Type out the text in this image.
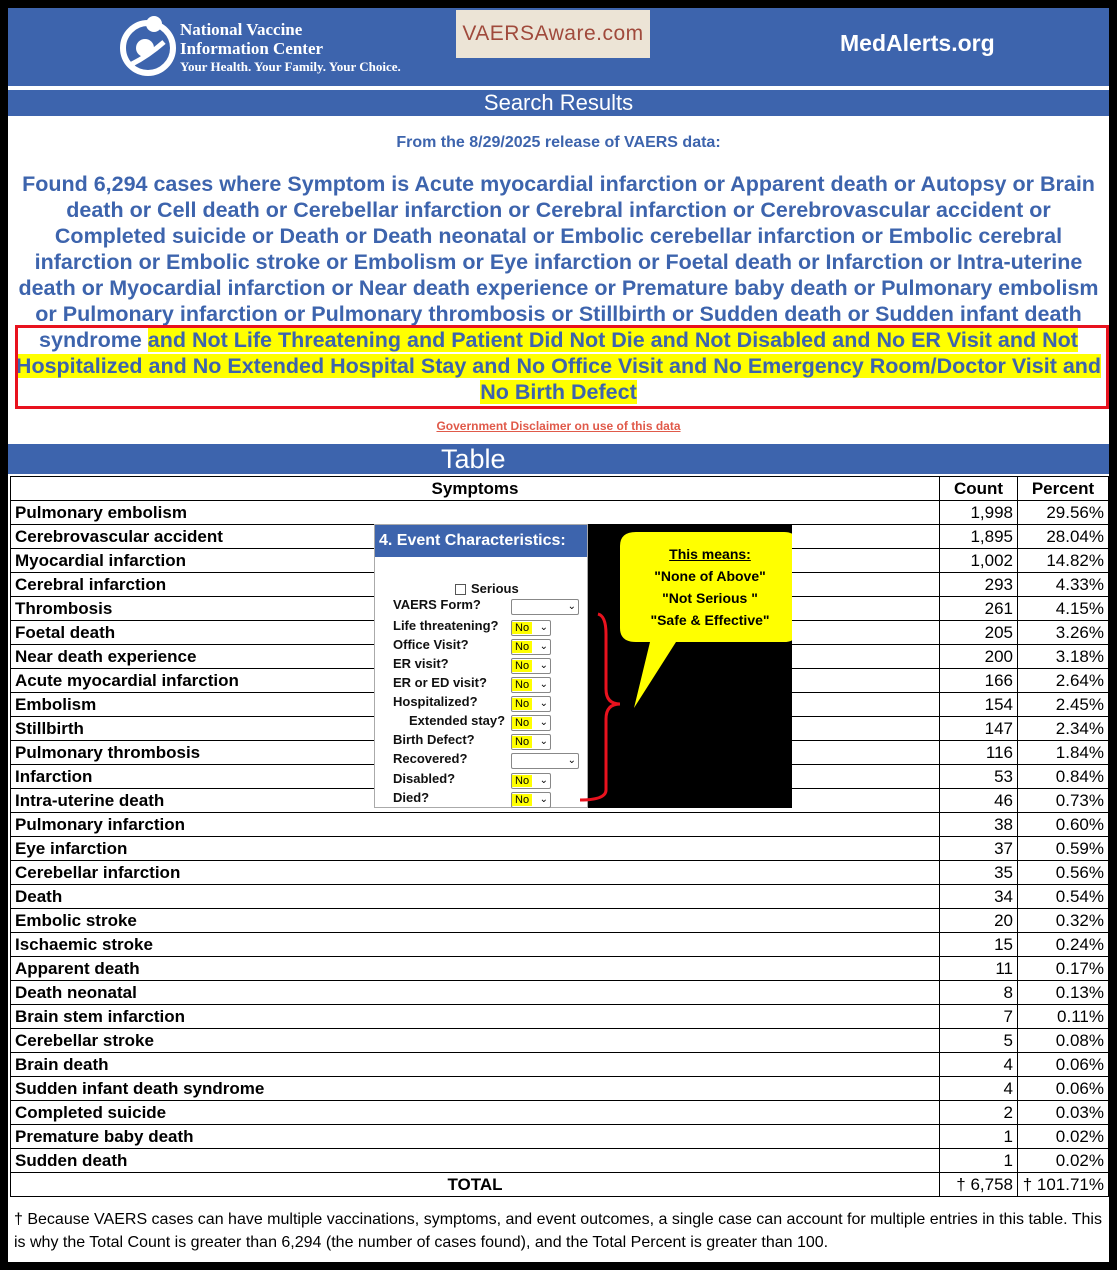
National Vaccine
Information Center
Your Health. Your Family. Your Choice.
VAERSAware.com	MedAlerts.org
Search Results
From the 8/29/2025 release of VAERS data:
Found 6,294 cases where Symptom is Acute myocardial infarction or Apparent death or Autopsy or Brain death or Cell death or Cerebellar infarction or Cerebral infarction or Cerebrovascular accident or Completed suicide or Death or Death neonatal or Embolic cerebellar infarction or Embolic cerebral infarction or Embolic stroke or Embolism or Eye infarction or Foetal death or Infarction or Intra-uterine death or Myocardial infarction or Near death experience or Premature baby death or Pulmonary embolism or Pulmonary infarction or Pulmonary thrombosis or Stillbirth or Sudden death or Sudden infant death syndrome and Not Life Threatening and Patient Did Not Die and Not Disabled and No ER Visit and Not Hospitalized and No Extended Hospital Stay and No Office Visit and No Emergency Room/Doctor Visit and No Birth Defect
Government Disclaimer on use of this data
Table
Symptoms	Count	Percent
Pulmonary embolism	1,998	29.56%
Cerebrovascular accident	1,895	28.04%
Myocardial infarction	1,002	14.82%
Cerebral infarction	293	4.33%
Thrombosis	261	4.15%
Foetal death	205	3.26%
Near death experience	200	3.18%
Acute myocardial infarction	166	2.64%
Embolism	154	2.45%
Stillbirth	147	2.34%
Pulmonary thrombosis	116	1.84%
Infarction	53	0.84%
Intra-uterine death	46	0.73%
Pulmonary infarction	38	0.60%
Eye infarction	37	0.59%
Cerebellar infarction	35	0.56%
Death	34	0.54%
Embolic stroke	20	0.32%
Ischaemic stroke	15	0.24%
Apparent death	11	0.17%
Death neonatal	8	0.13%
Brain stem infarction	7	0.11%
Cerebellar stroke	5	0.08%
Brain death	4	0.06%
Sudden infant death syndrome	4	0.06%
Completed suicide	2	0.03%
Premature baby death	1	0.02%
Sudden death	1	0.02%
TOTAL	† 6,758	† 101.71%
† Because VAERS cases can have multiple vaccinations, symptoms, and event outcomes, a single case can account for multiple entries in this table. This is why the Total Count is greater than 6,294 (the number of cases found), and the Total Percent is greater than 100.
4. Event Characteristics:
Serious
VAERS Form?	⌄
Life threatening?	No ⌄
Office Visit?	No ⌄
ER visit?	No ⌄
ER or ED visit?	No ⌄
Hospitalized?	No ⌄
Extended stay? No ⌄
Birth Defect?	No ⌄
Recovered?	⌄
Disabled?	No ⌄
Died?	No ⌄
This means:
"None of Above"
"Not Serious "
"Safe & Effective"
